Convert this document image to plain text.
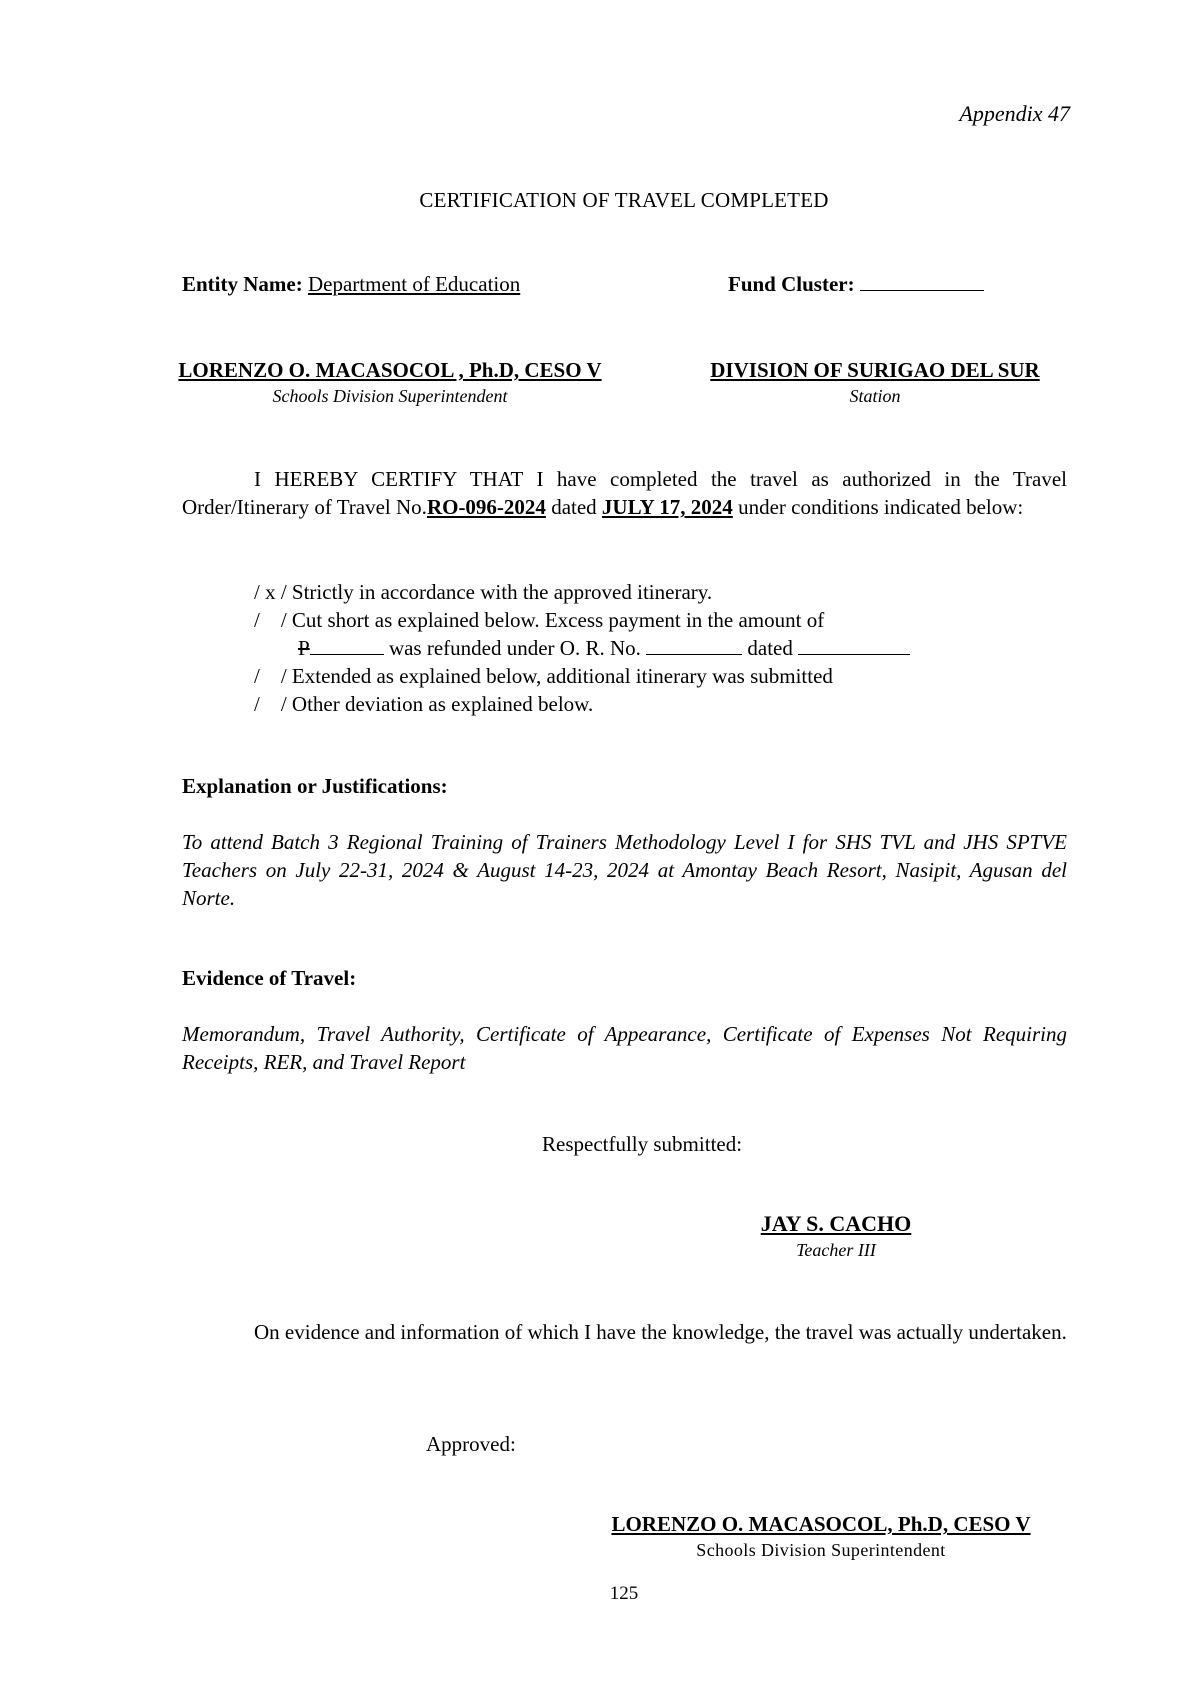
Appendix 47
CERTIFICATION OF TRAVEL COMPLETED
Entity Name: Department of Education	Fund Cluster:
LORENZO O. MACASOCOL , Ph.D, CESO V
Schools Division Superintendent
DIVISION OF SURIGAO DEL SUR
Station
I HEREBY CERTIFY THAT I have completed the travel as authorized in the Travel Order/Itinerary of Travel No.RO-096-2024 dated JULY 17, 2024 under conditions indicated below:
/ x / Strictly in accordance with the approved itinerary.
/    / Cut short as explained below. Excess payment in the amount of
P	was refunded under O. R. No.	dated
/    / Extended as explained below, additional itinerary was submitted
/    / Other deviation as explained below.
Explanation or Justifications:
To attend Batch 3 Regional Training of Trainers Methodology Level I for SHS TVL and JHS SPTVE Teachers on July 22-31, 2024 & August 14-23, 2024 at Amontay Beach Resort, Nasipit, Agusan del Norte.
Evidence of Travel:
Memorandum, Travel Authority, Certificate of Appearance, Certificate of Expenses Not Requiring Receipts, RER, and Travel Report
Respectfully submitted:
JAY S. CACHO
Teacher III
On evidence and information of which I have the knowledge, the travel was actually undertaken.
Approved:
LORENZO O. MACASOCOL, Ph.D, CESO V
Schools Division Superintendent
125
